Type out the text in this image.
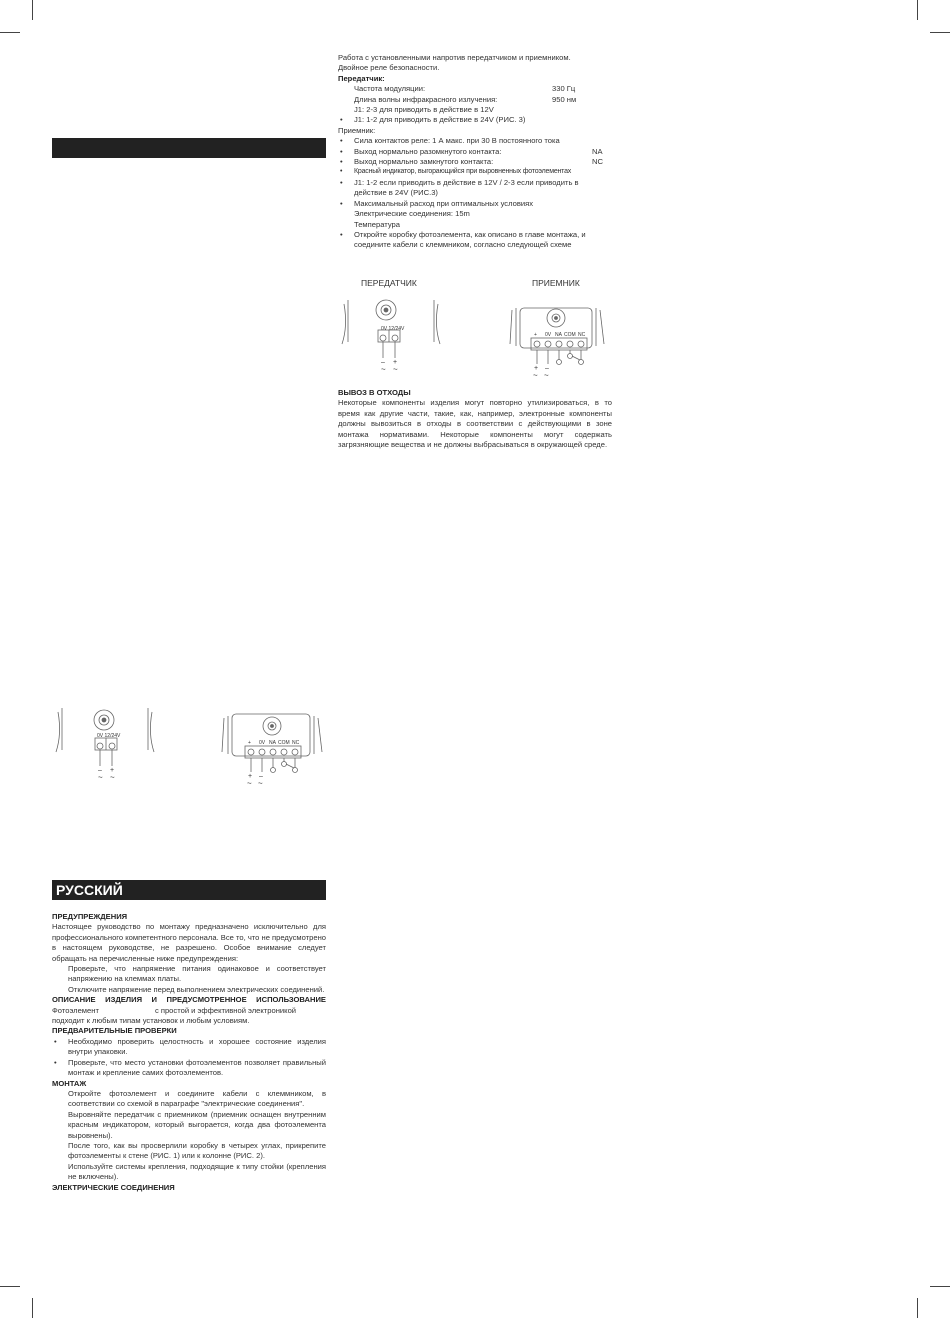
Работа с установленными напротив передатчиком и приемником.
Двойное реле безопасности.
Передатчик:
Частота модуляции:	330 Гц
Длина волны инфракрасного излучения:	950 нм
J1: 2-3 для приводить в действие в 12V
• J1: 1-2 для приводить в действие в 24V (РИС. 3)
Приемник:
• Сила контактов реле: 1 А макс. при 30 В постоянного тока
• Выход нормально разомкнутого контакта:	NA
• Выход нормально замкнутого контакта:	NC
• Красный индикатор, выгорающийся при выровненных фотоэлементах
• J1: 1-2 если приводить в действие в 12V / 2-3 если приводить в действие в 24V (РИС.3)
• Максимальный расход при оптимальных условиях
Электрические соединения: 15m
Температура
• Откройте коробку фотоэлемента, как описано в главе монтажа, и соедините кабели с клеммником, согласно следующей схеме
ПЕРЕДАТЧИК	ПРИЕМНИК
0V 12/24V
– +
~ ~
+ 0V NA COM NC
+ –
~ ~
ВЫВОЗ В ОТХОДЫ
Некоторые компоненты изделия могут повторно утилизироваться, в то время как другие части, такие, как, например, электронные компоненты должны вывозиться в отходы в соответствии с действующими в зоне монтажа нормативами. Некоторые компоненты могут содержать загрязняющие вещества и не должны выбрасываться в окружающей среде.
0V 12/24V
– +
~ ~
+ 0V NA COM NC
+ –
~ ~
РУССКИЙ
ПРЕДУПРЕЖДЕНИЯ
Настоящее руководство по монтажу предназначено исключительно для профессионального компетентного персонала. Все то, что не предусмотрено в настоящем руководстве, не разрешено. Особое внимание следует обращать на перечисленные ниже предупреждения:
Проверьте, что напряжение питания одинаковое и соответствует напряжению на клеммах платы.
Отключите напряжение перед выполнением электрических соединений.
ОПИСАНИЕ ИЗДЕЛИЯ И ПРЕДУСМОТРЕННОЕ ИСПОЛЬЗОВАНИЕ
Фотоэлемент	с простой и эффективной электроникой подходит к любым типам установок и любым условиям.
ПРЕДВАРИТЕЛЬНЫЕ ПРОВЕРКИ
• Необходимо проверить целостность и хорошее состояние изделия внутри упаковки.
• Проверьте, что место установки фотоэлементов позволяет правильный монтаж и крепление самих фотоэлементов.
МОНТАЖ
Откройте фотоэлемент и соедините кабели с клеммником, в соответствии со схемой в параграфе "электрические соединения".
Выровняйте передатчик с приемником (приемник оснащен внутренним красным индикатором, который выгорается, когда два фотоэлемента выровнены).
После того, как вы просверлили коробку в четырех углах, прикрепите фотоэлементы к стене (РИС. 1) или к колонне (РИС. 2).
Используйте системы крепления, подходящие к типу стойки (крепления не включены).
ЭЛЕКТРИЧЕСКИЕ СОЕДИНЕНИЯ
